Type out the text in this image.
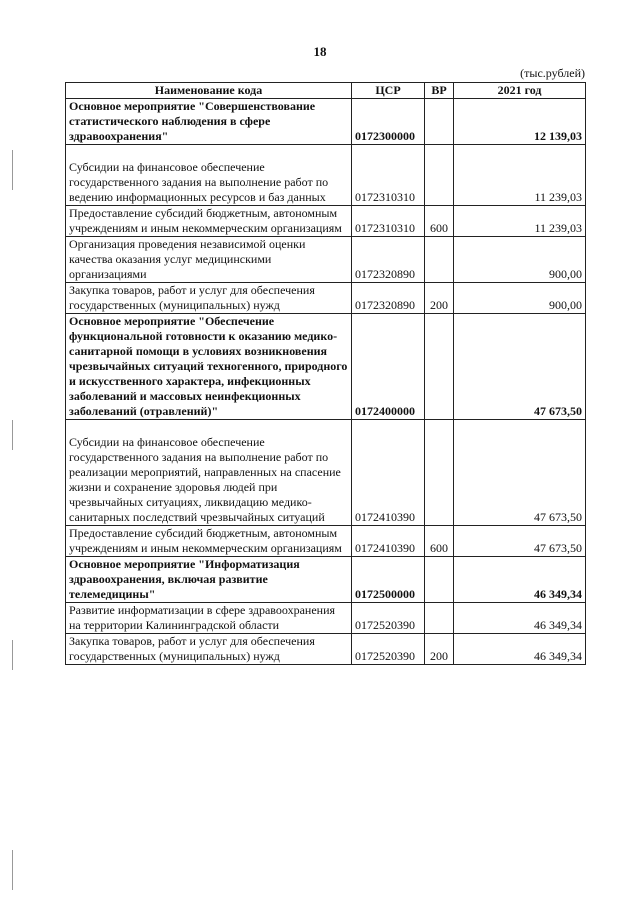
18
(тыс.рублей)
Наименование кода	ЦСР	ВР	2021 год
Основное мероприятие "Совершенствование статистического наблюдения в сфере здравоохранения"	0172300000		12 139,03
Субсидии на финансовое обеспечение государственного задания на выполнение работ по ведению информационных ресурсов и баз данных	0172310310		11 239,03
Предоставление субсидий бюджетным, автономным учреждениям и иным некоммерческим организациям	0172310310	600	11 239,03
Организация проведения независимой оценки качества оказания услуг медицинскими организациями	0172320890		900,00
Закупка товаров, работ и услуг для обеспечения государственных (муниципальных) нужд	0172320890	200	900,00
Основное мероприятие "Обеспечение функциональной готовности к оказанию медико-санитарной помощи в условиях возникновения чрезвычайных ситуаций техногенного, природного и искусственного характера, инфекционных заболеваний и массовых неинфекционных заболеваний (отравлений)"	0172400000		47 673,50
Субсидии на финансовое обеспечение государственного задания на выполнение работ по реализации мероприятий, направленных на спасение жизни и сохранение здоровья людей при чрезвычайных ситуациях, ликвидацию медико-санитарных последствий чрезвычайных ситуаций	0172410390		47 673,50
Предоставление субсидий бюджетным, автономным учреждениям и иным некоммерческим организациям	0172410390	600	47 673,50
Основное мероприятие "Информатизация здравоохранения, включая развитие телемедицины"	0172500000		46 349,34
Развитие информатизации в сфере здравоохранения на территории Калининградской области	0172520390		46 349,34
Закупка товаров, работ и услуг для обеспечения государственных (муниципальных) нужд	0172520390	200	46 349,34
